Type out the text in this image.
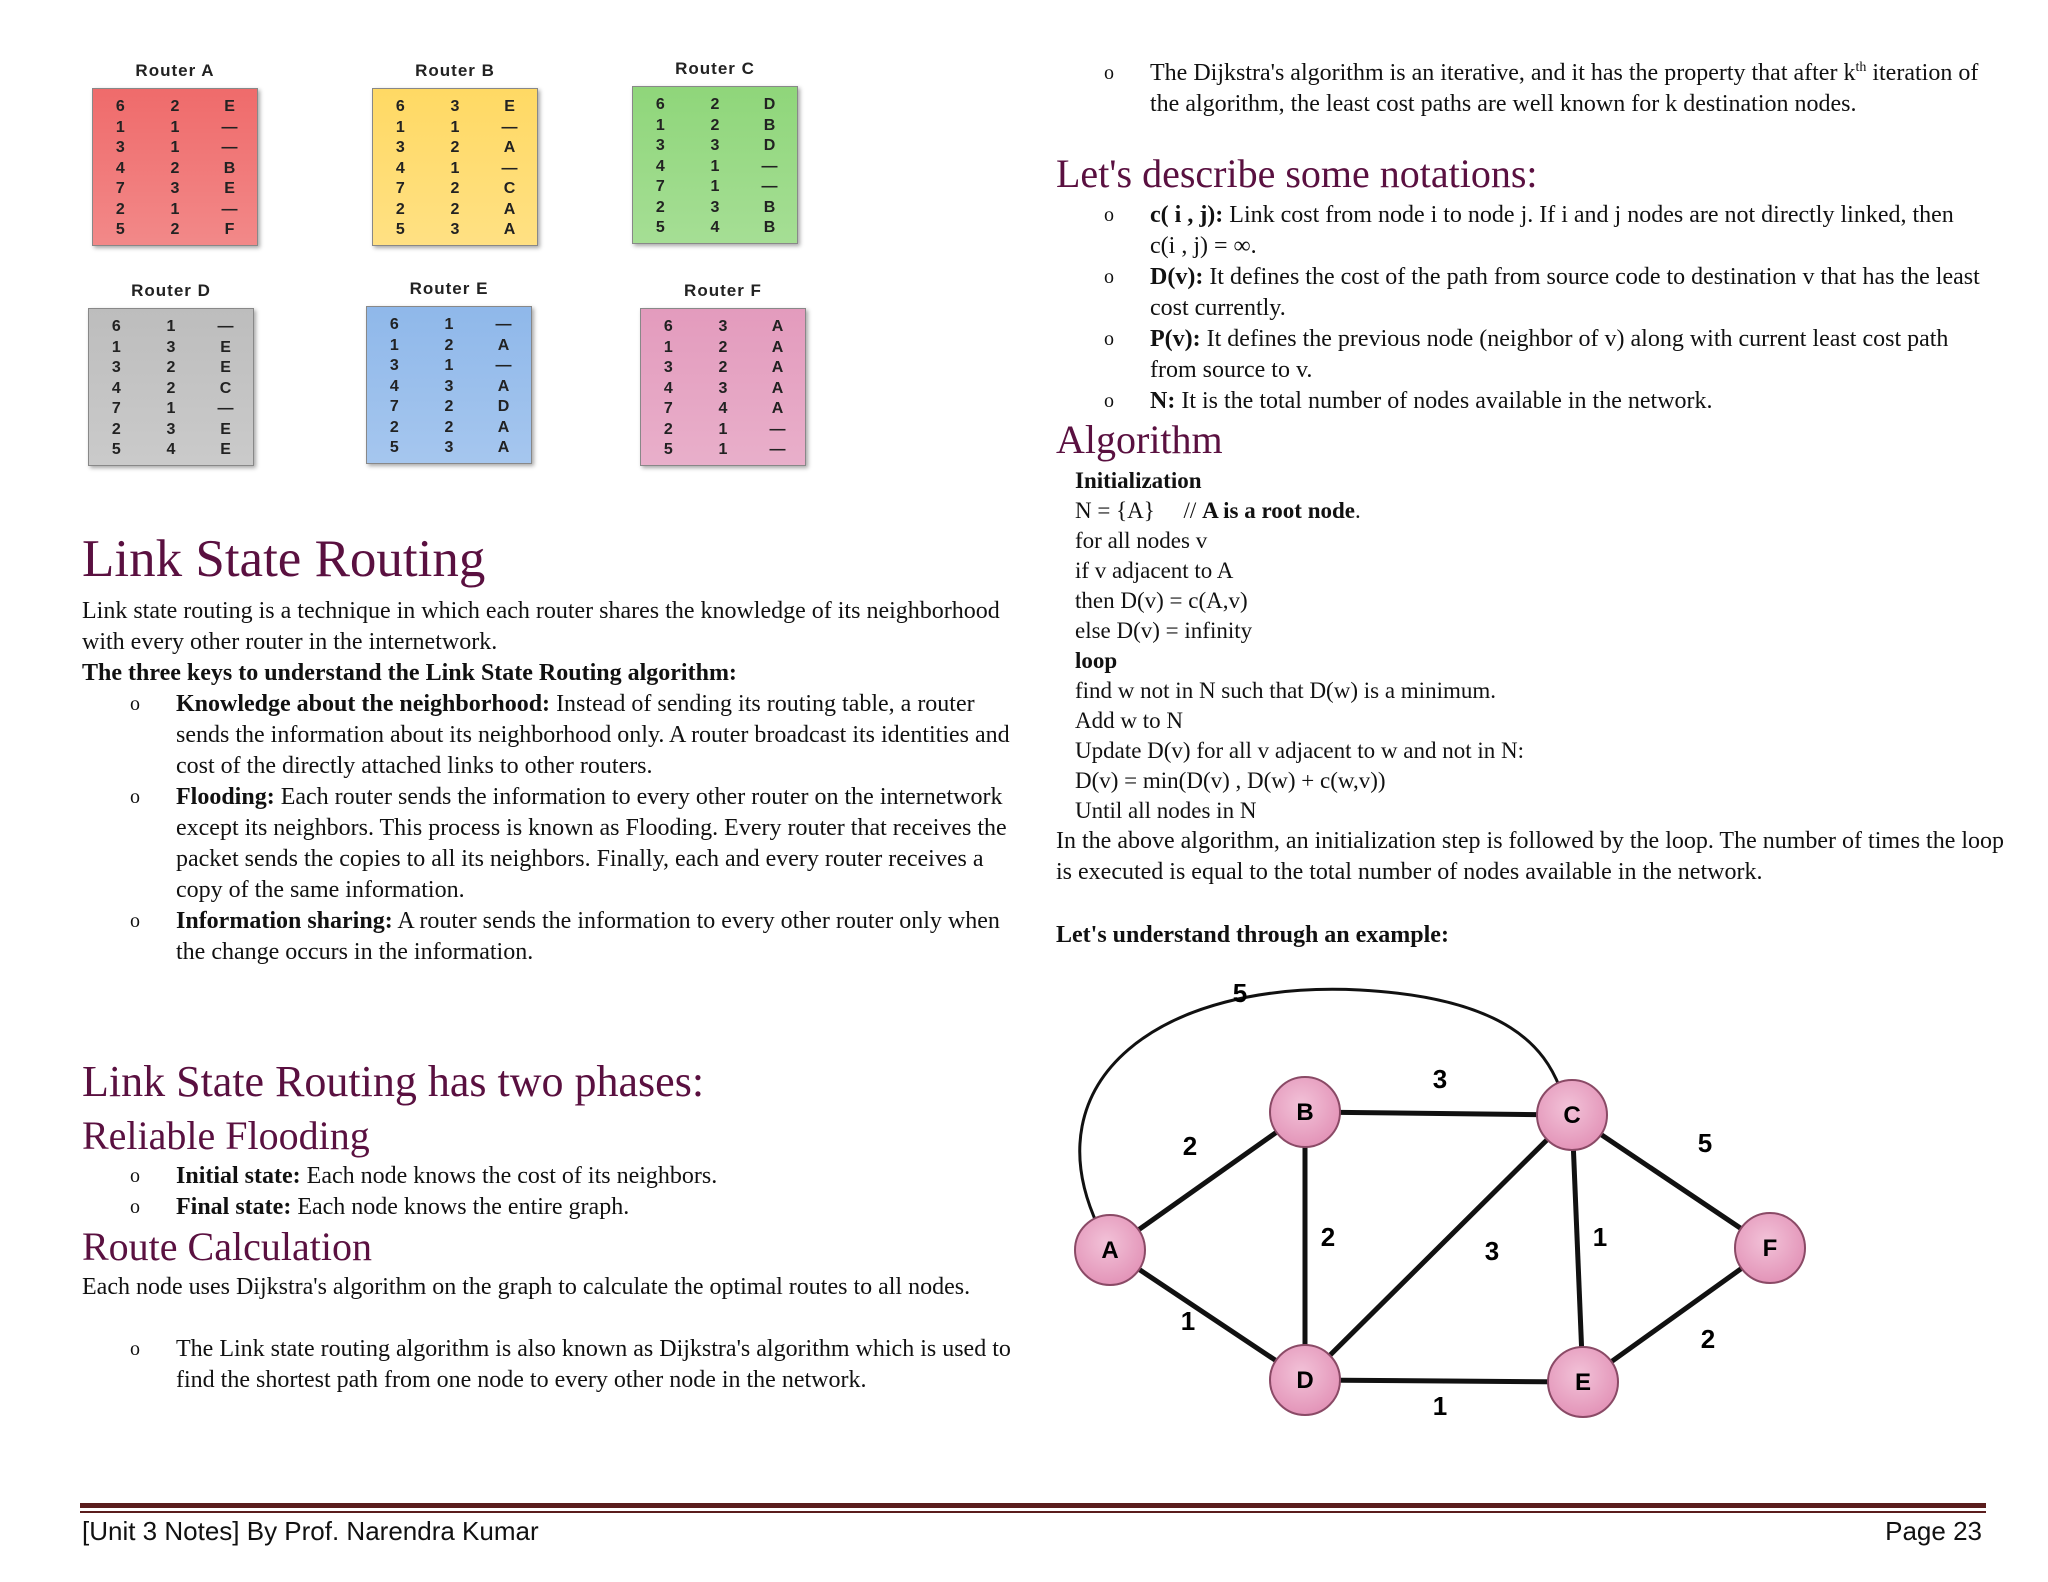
Router A
6	2	E
1	1	—
3	1	—
4	2	B
7	3	E
2	1	—
5	2	F
Router B
6	3	E
1	1	—
3	2	A
4	1	—
7	2	C
2	2	A
5	3	A
Router C
6	2	D
1	2	B
3	3	D
4	1	—
7	1	—
2	3	B
5	4	B
Router D
6	1	—
1	3	E
3	2	E
4	2	C
7	1	—
2	3	E
5	4	E
Router E
6	1	—
1	2	A
3	1	—
4	3	A
7	2	D
2	2	A
5	3	A
Router F
6	3	A
1	2	A
3	2	A
4	3	A
7	4	A
2	1	—
5	1	—
Link State Routing
Link state routing is a technique in which each router shares the knowledge of its neighborhood with every other router in the internetwork.
The three keys to understand the Link State Routing algorithm:
o Knowledge about the neighborhood: Instead of sending its routing table, a router sends the information about its neighborhood only. A router broadcast its identities and cost of the directly attached links to other routers.
o Flooding: Each router sends the information to every other router on the internetwork except its neighbors. This process is known as Flooding. Every router that receives the packet sends the copies to all its neighbors. Finally, each and every router receives a copy of the same information.
o Information sharing: A router sends the information to every other router only when the change occurs in the information.
Link State Routing has two phases:
Reliable Flooding
o Initial state: Each node knows the cost of its neighbors.
o Final state: Each node knows the entire graph.
Route Calculation
Each node uses Dijkstra's algorithm on the graph to calculate the optimal routes to all nodes.
o The Link state routing algorithm is also known as Dijkstra's algorithm which is used to find the shortest path from one node to every other node in the network.
o The Dijkstra's algorithm is an iterative, and it has the property that after $k^{th}$ iteration of the algorithm, the least cost paths are well known for k destination nodes.
Let's describe some notations:
o c( i , j): Link cost from node i to node j. If i and j nodes are not directly linked, then c(i , j) = ∞.
o D(v): It defines the cost of the path from source code to destination v that has the least cost currently.
o P(v): It defines the previous node (neighbor of v) along with current least cost path from source to v.
o N: It is the total number of nodes available in the network.
Algorithm
Initialization
N = {A}     // A is a root node.
for all nodes v
if v adjacent to A
then D(v) = c(A,v)
else D(v) = infinity
loop
find w not in N such that D(w) is a minimum.
Add w to N
Update D(v) for all v adjacent to w and not in N:
D(v) = min(D(v) , D(w) + c(w,v))
Until all nodes in N
In the above algorithm, an initialization step is followed by the loop. The number of times the loop is executed is equal to the total number of nodes available in the network.
Let's understand through an example:
2
5
1
3
2	3	1
5
1
2
A
B	C
D	E
F
[Unit 3 Notes] By Prof. Narendra Kumar	Page 23
